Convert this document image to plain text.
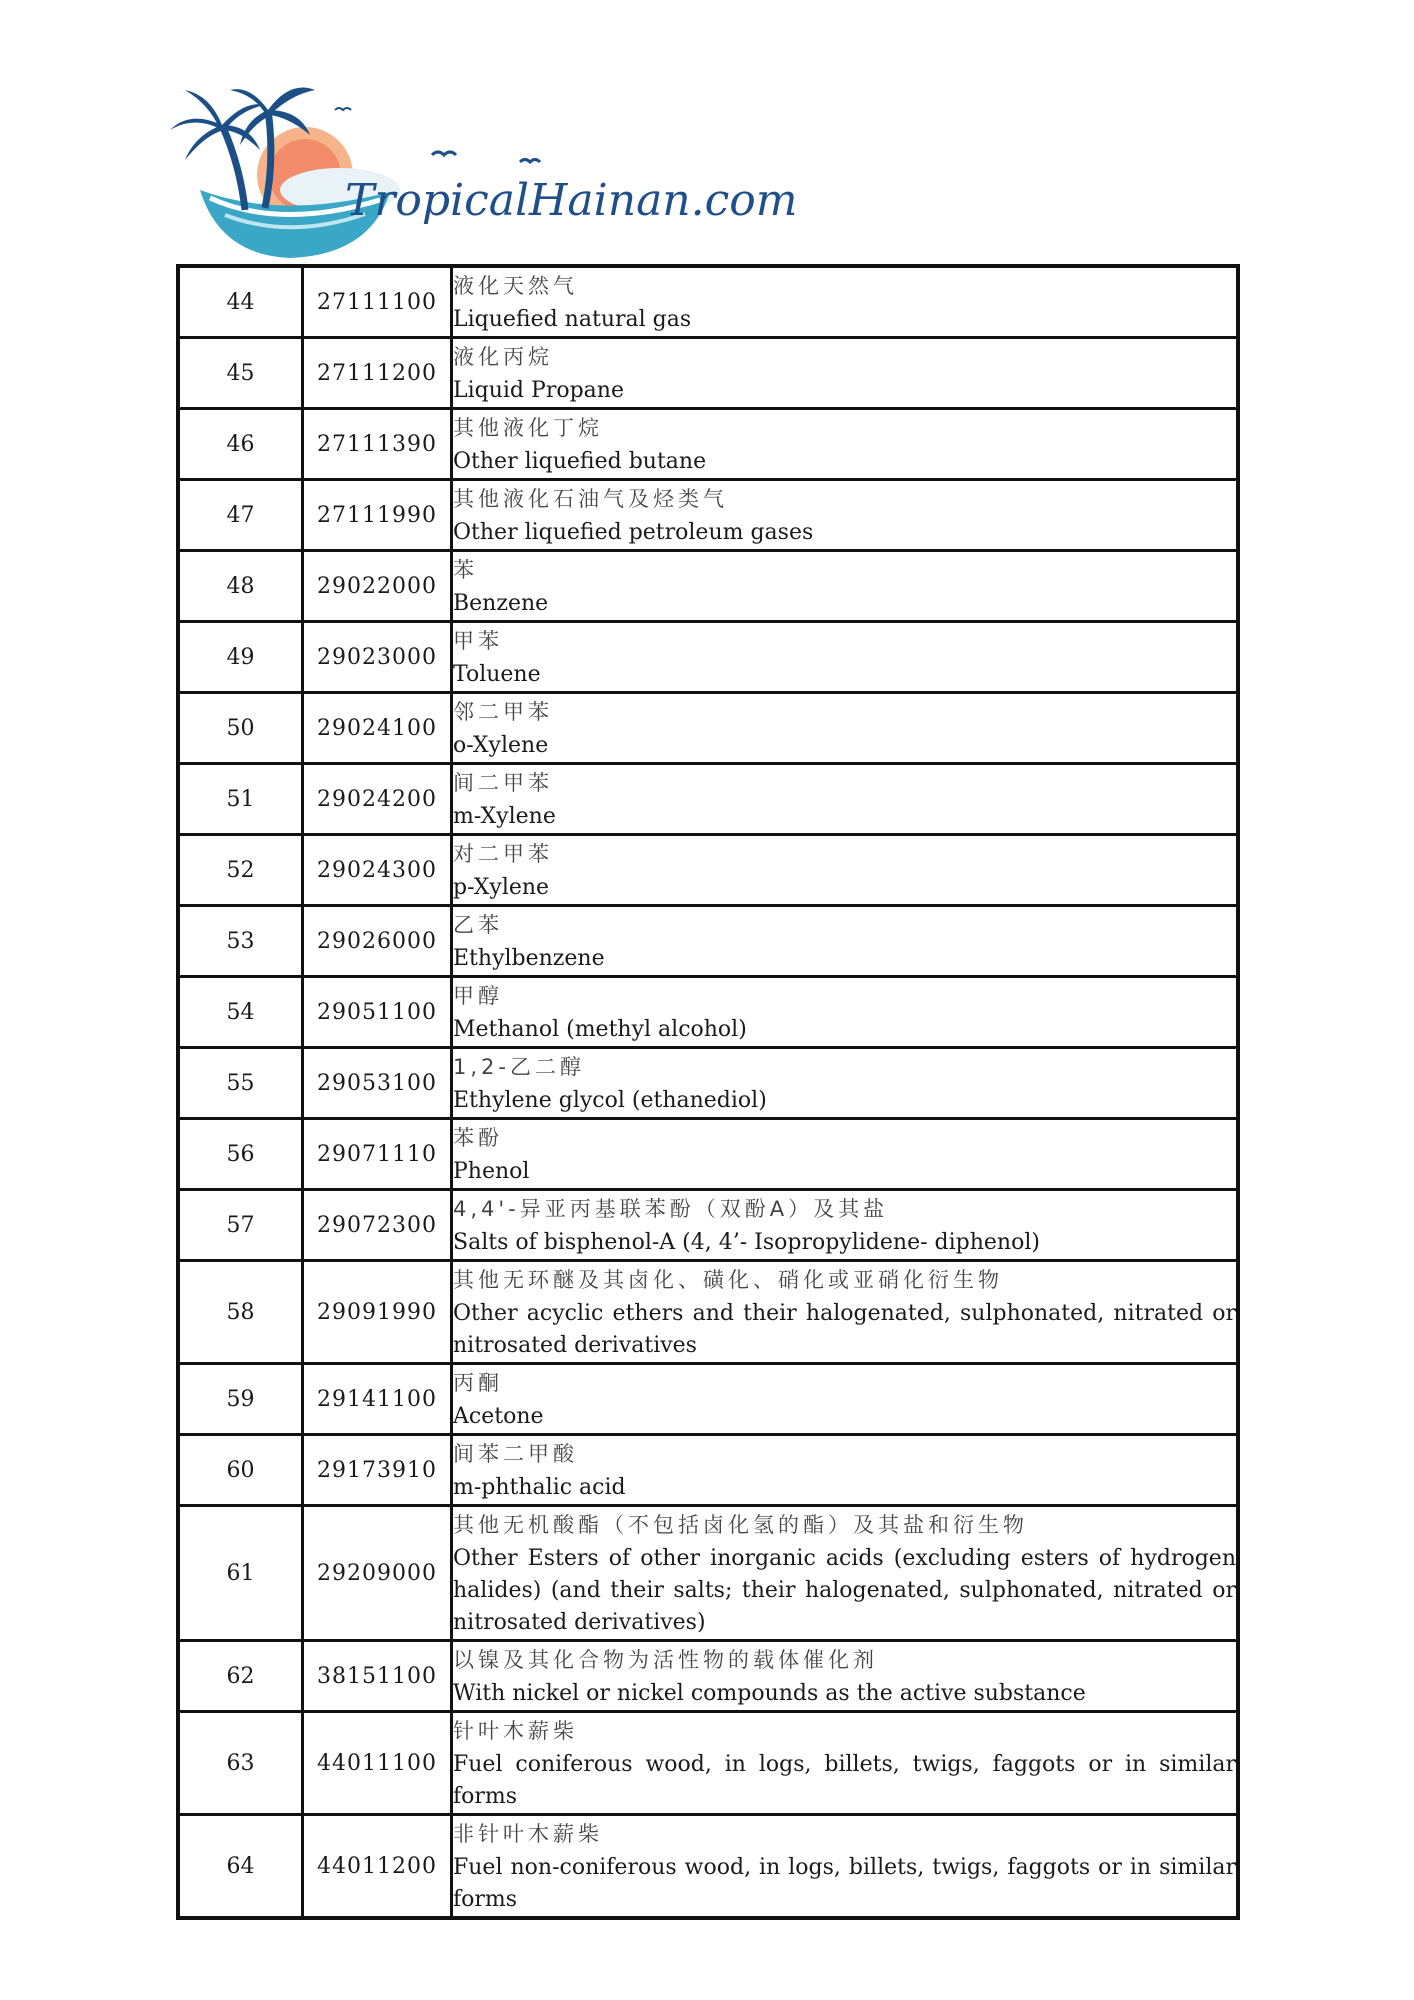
TropicalHainan.com
44	27111100	液化天然气
Liquefied natural gas

45	27111200	液化丙烷
Liquid Propane

46	27111390	其他液化丁烷
Other liquefied butane

47	27111990	其他液化石油气及烃类气
Other liquefied petroleum gases

48	29022000	苯
Benzene

49	29023000	甲苯
Toluene

50	29024100	邻二甲苯
o-Xylene

51	29024200	间二甲苯
m-Xylene

52	29024300	对二甲苯
p-Xylene

53	29026000	乙苯
Ethylbenzene

54	29051100	甲醇
Methanol (methyl alcohol)

55	29053100	1,2-乙二醇
Ethylene glycol (ethanediol)

56	29071110	苯酚
Phenol

57	29072300	4,4'-异亚丙基联苯酚（双酚A）及其盐
Salts of bisphenol-A (4, 4’- Isopropylidene- diphenol)

58	29091990	其他无环醚及其卤化、磺化、硝化或亚硝化衍生物
Other acyclic ethers and their halogenated, sulphonated, nitrated or nitrosated derivatives

59	29141100	丙酮
Acetone

60	29173910	间苯二甲酸
m-phthalic acid

61	29209000	其他无机酸酯（不包括卤化氢的酯）及其盐和衍生物
Other Esters of other inorganic acids (excluding esters of hydrogen halides) (and their salts; their halogenated, sulphonated, nitrated or nitrosated derivatives)

62	38151100	以镍及其化合物为活性物的载体催化剂
With nickel or nickel compounds as the active substance

63	44011100	针叶木薪柴
Fuel coniferous wood, in logs, billets, twigs, faggots or in similar forms

64	44011200	非针叶木薪柴
Fuel non-coniferous wood, in logs, billets, twigs, faggots or in similar forms
